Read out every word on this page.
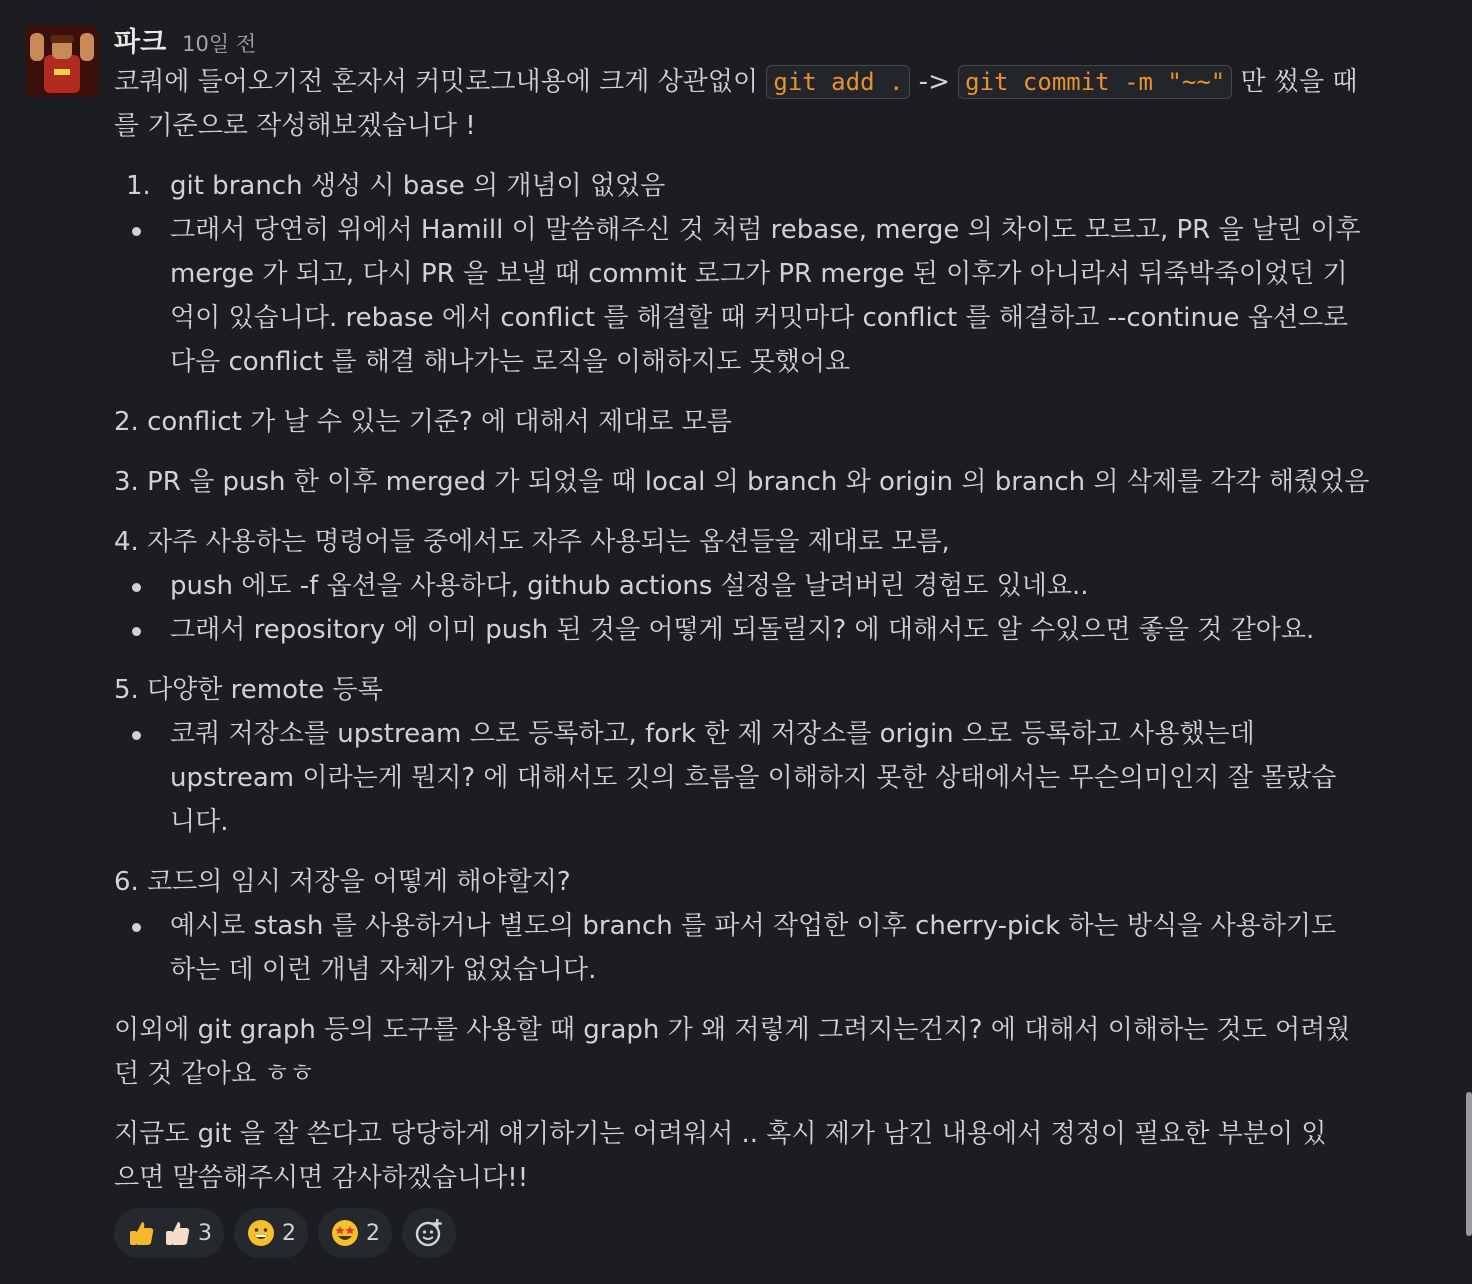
파크 10일 전
코쿼에 들어오기전 혼자서 커밋로그내용에 크게 상관없이 git add . -> git commit -m "~~" 만 썼을 때
를 기준으로 작성해보겠습니다 !
1. git branch 생성 시 base 의 개념이 없었음
그래서 당연히 위에서 Hamill 이 말씀해주신 것 처럼 rebase, merge 의 차이도 모르고, PR 을 날린 이후
merge 가 되고, 다시 PR 을 보낼 때 commit 로그가 PR merge 된 이후가 아니라서 뒤죽박죽이었던 기
억이 있습니다. rebase 에서 conflict 를 해결할 때 커밋마다 conflict 를 해결하고 --continue 옵션으로
다음 conflict 를 해결 해나가는 로직을 이해하지도 못했어요
2. conflict 가 날 수 있는 기준? 에 대해서 제대로 모름
3. PR 을 push 한 이후 merged 가 되었을 때 local 의 branch 와 origin 의 branch 의 삭제를 각각 해줬었음
4. 자주 사용하는 명령어들 중에서도 자주 사용되는 옵션들을 제대로 모름,
push 에도 -f 옵션을 사용하다, github actions 설정을 날려버린 경험도 있네요..
그래서 repository 에 이미 push 된 것을 어떻게 되돌릴지? 에 대해서도 알 수있으면 좋을 것 같아요.
5. 다양한 remote 등록
코쿼 저장소를 upstream 으로 등록하고, fork 한 제 저장소를 origin 으로 등록하고 사용했는데
upstream 이라는게 뭔지? 에 대해서도 깃의 흐름을 이해하지 못한 상태에서는 무슨의미인지 잘 몰랐습
니다.
6. 코드의 임시 저장을 어떻게 해야할지?
예시로 stash 를 사용하거나 별도의 branch 를 파서 작업한 이후 cherry-pick 하는 방식을 사용하기도
하는 데 이런 개념 자체가 없었습니다.
이외에 git graph 등의 도구를 사용할 때 graph 가 왜 저렇게 그려지는건지? 에 대해서 이해하는 것도 어려웠
던 것 같아요 ㅎㅎ
지금도 git 을 잘 쓴다고 당당하게 얘기하기는 어려워서 .. 혹시 제가 남긴 내용에서 정정이 필요한 부분이 있
으면 말씀해주시면 감사하겠습니다!!
3	2	2
